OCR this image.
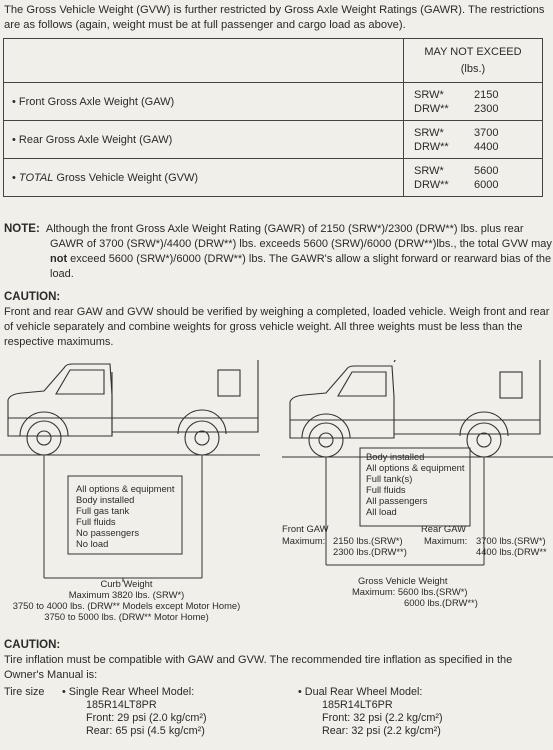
The Gross Vehicle Weight (GVW) is further restricted by Gross Axle Weight Ratings (GAWR). The restrictions are as follows (again, weight must be at full passenger and cargo load as above).

	MAY NOT EXCEED
(lbs.)

• Front Gross Axle Weight (GAW)	SRW* 2150
DRW** 2300

• Rear Gross Axle Weight (GAW)	SRW* 3700
DRW** 4400

• TOTAL Gross Vehicle Weight (GVW)	SRW* 5600
DRW** 6000
NOTE: Although the front Gross Axle Weight Rating (GAWR) of 2150 (SRW*)/2300 (DRW**) lbs. plus rear GAWR of 3700 (SRW*)/4400 (DRW**) lbs. exceeds 5600 (SRW)/6000 (DRW**)lbs., the total GVW may not exceed 5600 (SRW*)/6000 (DRW**) lbs. The GAWR's allow a slight forward or rearward bias of the load.
CAUTION:
Front and rear GAW and GVW should be verified by weighing a completed, loaded vehicle. Weigh front and rear of vehicle separately and combine weights for gross vehicle weight. All three weights must be less than the respective maximums.
All options & equipment
Body installed
Full gas tank
Full fluids
No passengers
No load
Curb Weight
Maximum 3820 lbs. (SRW*)
3750 to 4000 lbs. (DRW** Models except Motor Home)
3750 to 5000 lbs. (DRW** Motor Home)
Body installed
All options & equipment
Full tank(s)
Full fluids
All passengers
All load
Front GAW
Maximum: 2150 lbs.(SRW*)
2300 lbs.(DRW**)
Rear GAW
Maximum: 3700 lbs.(SRW*)
4400 lbs.(DRW**
Gross Vehicle Weight
Maximum: 5600 lbs.(SRW*)
6000 lbs.(DRW**)
CAUTION:
Tire inflation must be compatible with GAW and GVW. The recommended tire inflation as specified in the Owner's Manual is:
Tire size • Single Rear Wheel Model:
185R14LT8PR
Front: 29 psi (2.0 kg/cm²)
Rear: 65 psi (4.5 kg/cm²)
• Dual Rear Wheel Model:
185R14LT6PR
Front: 32 psi (2.2 kg/cm²)
Rear: 32 psi (2.2 kg/cm²)
